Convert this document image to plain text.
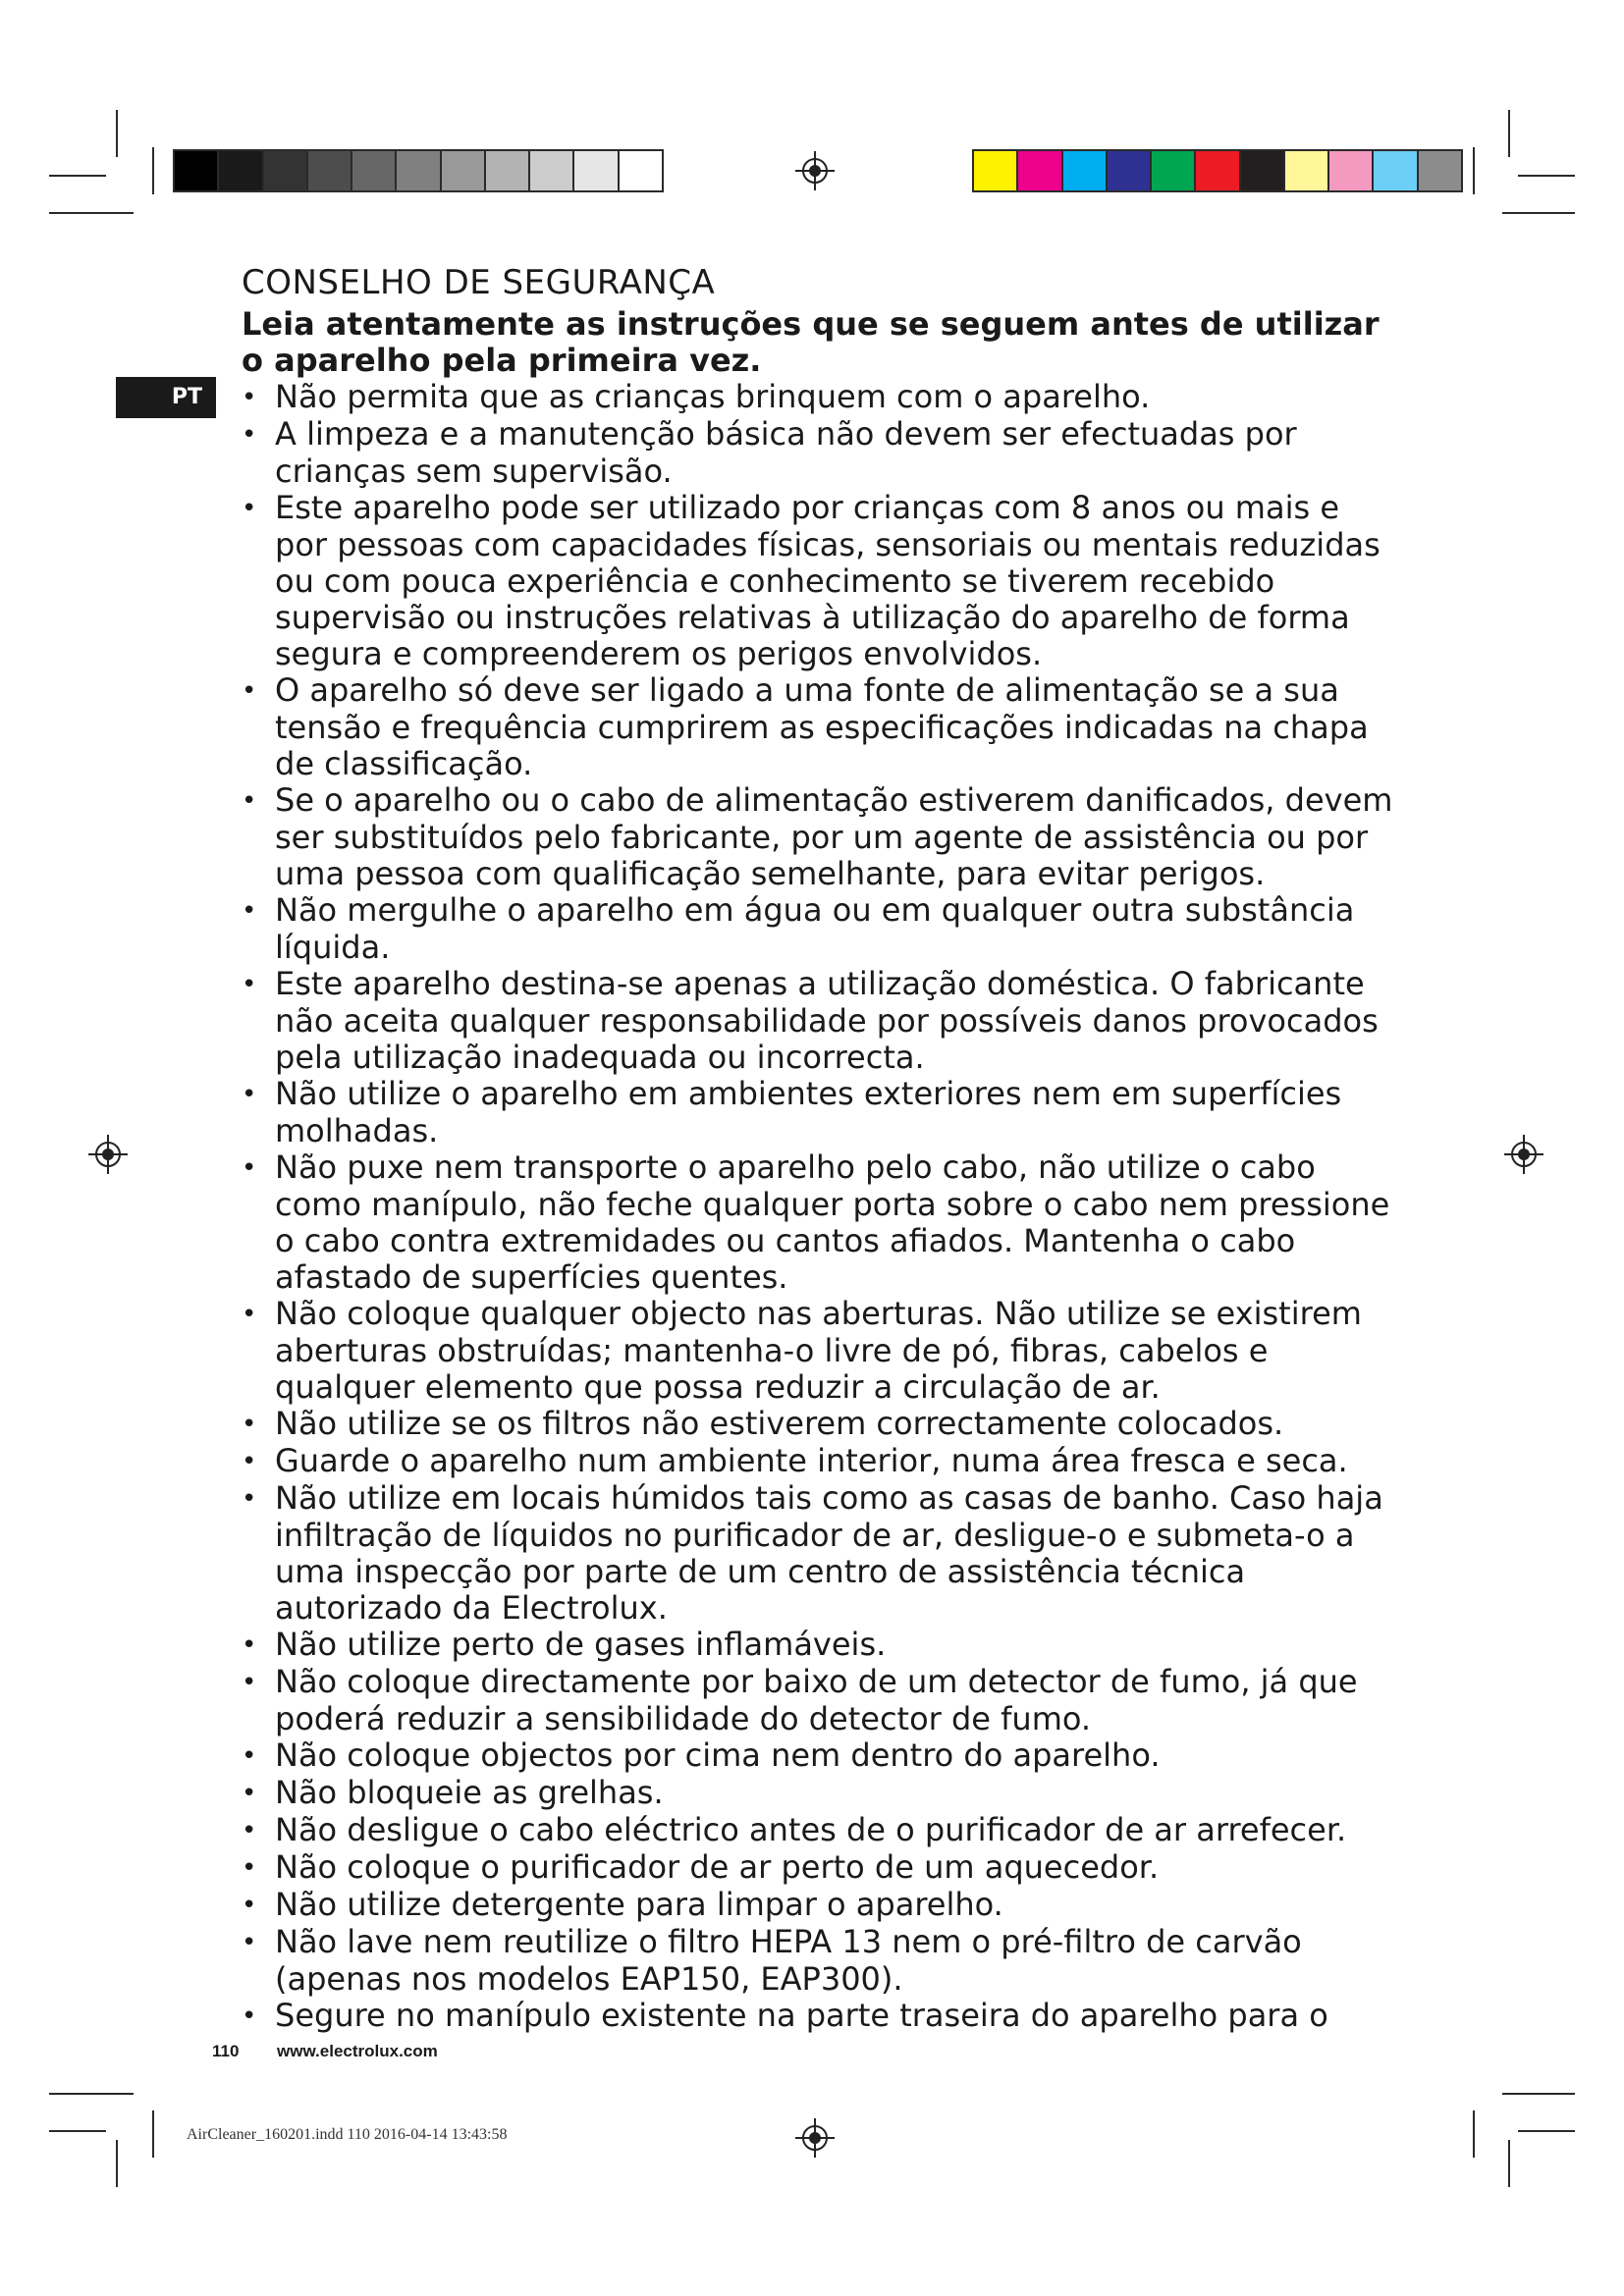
PT
CONSELHO DE SEGURANÇA

Leia atentamente as instruções que se seguem antes de utilizar o aparelho pela primeira vez.

• Não permita que as crianças brinquem com o aparelho.
• A limpeza e a manutenção básica não devem ser efectuadas por crianças sem supervisão.
• Este aparelho pode ser utilizado por crianças com 8 anos ou mais e por pessoas com capacidades físicas, sensoriais ou mentais reduzidas ou com pouca experiência e conhecimento se tiverem recebido supervisão ou instruções relativas à utilização do aparelho de forma segura e compreenderem os perigos envolvidos.
• O aparelho só deve ser ligado a uma fonte de alimentação se a sua tensão e frequência cumprirem as especificações indicadas na chapa de classificação.
• Se o aparelho ou o cabo de alimentação estiverem danificados, devem ser substituídos pelo fabricante, por um agente de assistência ou por uma pessoa com qualificação semelhante, para evitar perigos.
• Não mergulhe o aparelho em água ou em qualquer outra substância líquida.
• Este aparelho destina-se apenas a utilização doméstica. O fabricante não aceita qualquer responsabilidade por possíveis danos provocados pela utilização inadequada ou incorrecta.
• Não utilize o aparelho em ambientes exteriores nem em superfícies molhadas.
• Não puxe nem transporte o aparelho pelo cabo, não utilize o cabo como manípulo, não feche qualquer porta sobre o cabo nem pressione o cabo contra extremidades ou cantos afiados. Mantenha o cabo afastado de superfícies quentes.
• Não coloque qualquer objecto nas aberturas. Não utilize se existirem aberturas obstruídas; mantenha-o livre de pó, fibras, cabelos e qualquer elemento que possa reduzir a circulação de ar.
• Não utilize se os filtros não estiverem correctamente colocados.
• Guarde o aparelho num ambiente interior, numa área fresca e seca.
• Não utilize em locais húmidos tais como as casas de banho. Caso haja infiltração de líquidos no purificador de ar, desligue-o e submeta-o a uma inspecção por parte de um centro de assistência técnica autorizado da Electrolux.
• Não utilize perto de gases inflamáveis.
• Não coloque directamente por baixo de um detector de fumo, já que poderá reduzir a sensibilidade do detector de fumo.
• Não coloque objectos por cima nem dentro do aparelho.
• Não bloqueie as grelhas.
• Não desligue o cabo eléctrico antes de o purificador de ar arrefecer.
• Não coloque o purificador de ar perto de um aquecedor.
• Não utilize detergente para limpar o aparelho.
• Não lave nem reutilize o filtro HEPA 13 nem o pré-filtro de carvão (apenas nos modelos EAP150, EAP300).
• Segure no manípulo existente na parte traseira do aparelho para o
110 www.electrolux.com
AirCleaner_160201.indd 110 2016-04-14 13:43:58
